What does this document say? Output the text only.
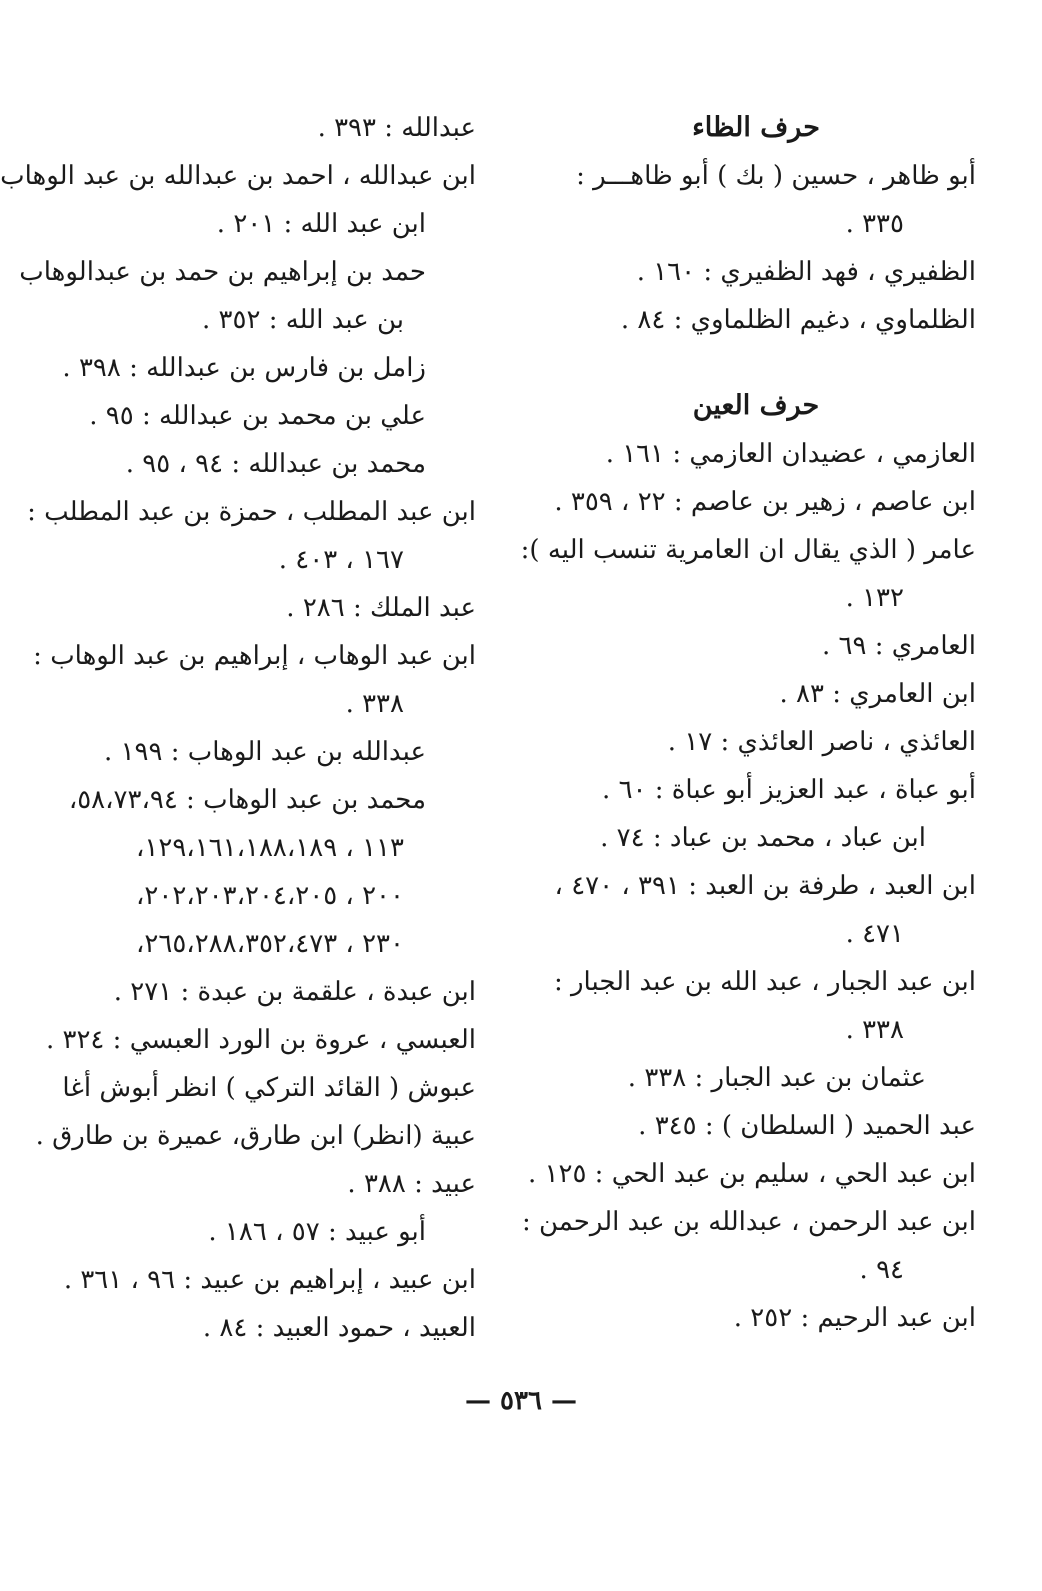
حرف الظاء
أبو ظاهر ، حسين ( بك ) أبو ظاهـــر :
٣٣٥ .
الظفيري ، فهد الظفيري : ١٦٠ .
الظلماوي ، دغيم الظلماوي : ٨٤ .
حرف العين
العازمي ، عضيدان العازمي : ١٦١ .
ابن عاصم ، زهير بن عاصم : ٢٢ ، ٣٥٩ .
عامر ( الذي يقال ان العامرية تنسب اليه ):
١٣٢ .
العامري : ٦٩ .
ابن العامري : ٨٣ .
العائذي ، ناصر العائذي : ١٧ .
أبو عباة ، عبد العزيز أبو عباة : ٦٠ .
ابن عباد ، محمد بن عباد : ٧٤ .
ابن العبد ، طرفة بن العبد : ٣٩١ ، ٤٧٠ ،
٤٧١ .
ابن عبد الجبار ، عبد الله بن عبد الجبار :
٣٣٨ .
عثمان بن عبد الجبار : ٣٣٨ .
عبد الحميد ( السلطان ) : ٣٤٥ .
ابن عبد الحي ، سليم بن عبد الحي : ١٢٥ .
ابن عبد الرحمن ، عبدالله بن عبد الرحمن :
٩٤ .
ابن عبد الرحيم : ٢٥٢ .
عبدالله : ٣٩٣ .
ابن عبدالله ، احمد بن عبدالله بن عبد الوهاب
ابن عبد الله : ٢٠١ .
حمد بن إبراهيم بن حمد بن عبدالوهاب
بن عبد الله : ٣٥٢ .
زامل بن فارس بن عبدالله : ٣٩٨ .
علي بن محمد بن عبدالله : ٩٥ .
محمد بن عبدالله : ٩٤ ، ٩٥ .
ابن عبد المطلب ، حمزة بن عبد المطلب :
١٦٧ ، ٤٠٣ .
عبد الملك : ٢٨٦ .
ابن عبد الوهاب ، إبراهيم بن عبد الوهاب :
٣٣٨ .
عبدالله بن عبد الوهاب : ١٩٩ .
محمد بن عبد الوهاب : ٥٨،٧٣،٩٤،
١١٣ ، ١٢٩،١٦١،١٨٨،١٨٩،
٢٠٠ ، ٢٠٢،٢٠٣،٢٠٤،٢٠٥،
٢٣٠ ، ٢٦٥،٢٨٨،٣٥٢،٤٧٣،
ابن عبدة ، علقمة بن عبدة : ٢٧١ .
العبسي ، عروة بن الورد العبسي : ٣٢٤ .
عبوش ( القائد التركي ) انظر أبوش أغا
عبية (انظر) ابن طارق، عميرة بن طارق .
عبيد : ٣٨٨ .
أبو عبيد : ٥٧ ، ١٨٦ .
ابن عبيد ، إبراهيم بن عبيد : ٩٦ ، ٣٦١ .
العبيد ، حمود العبيد : ٨٤ .
— ٥٣٦ —
